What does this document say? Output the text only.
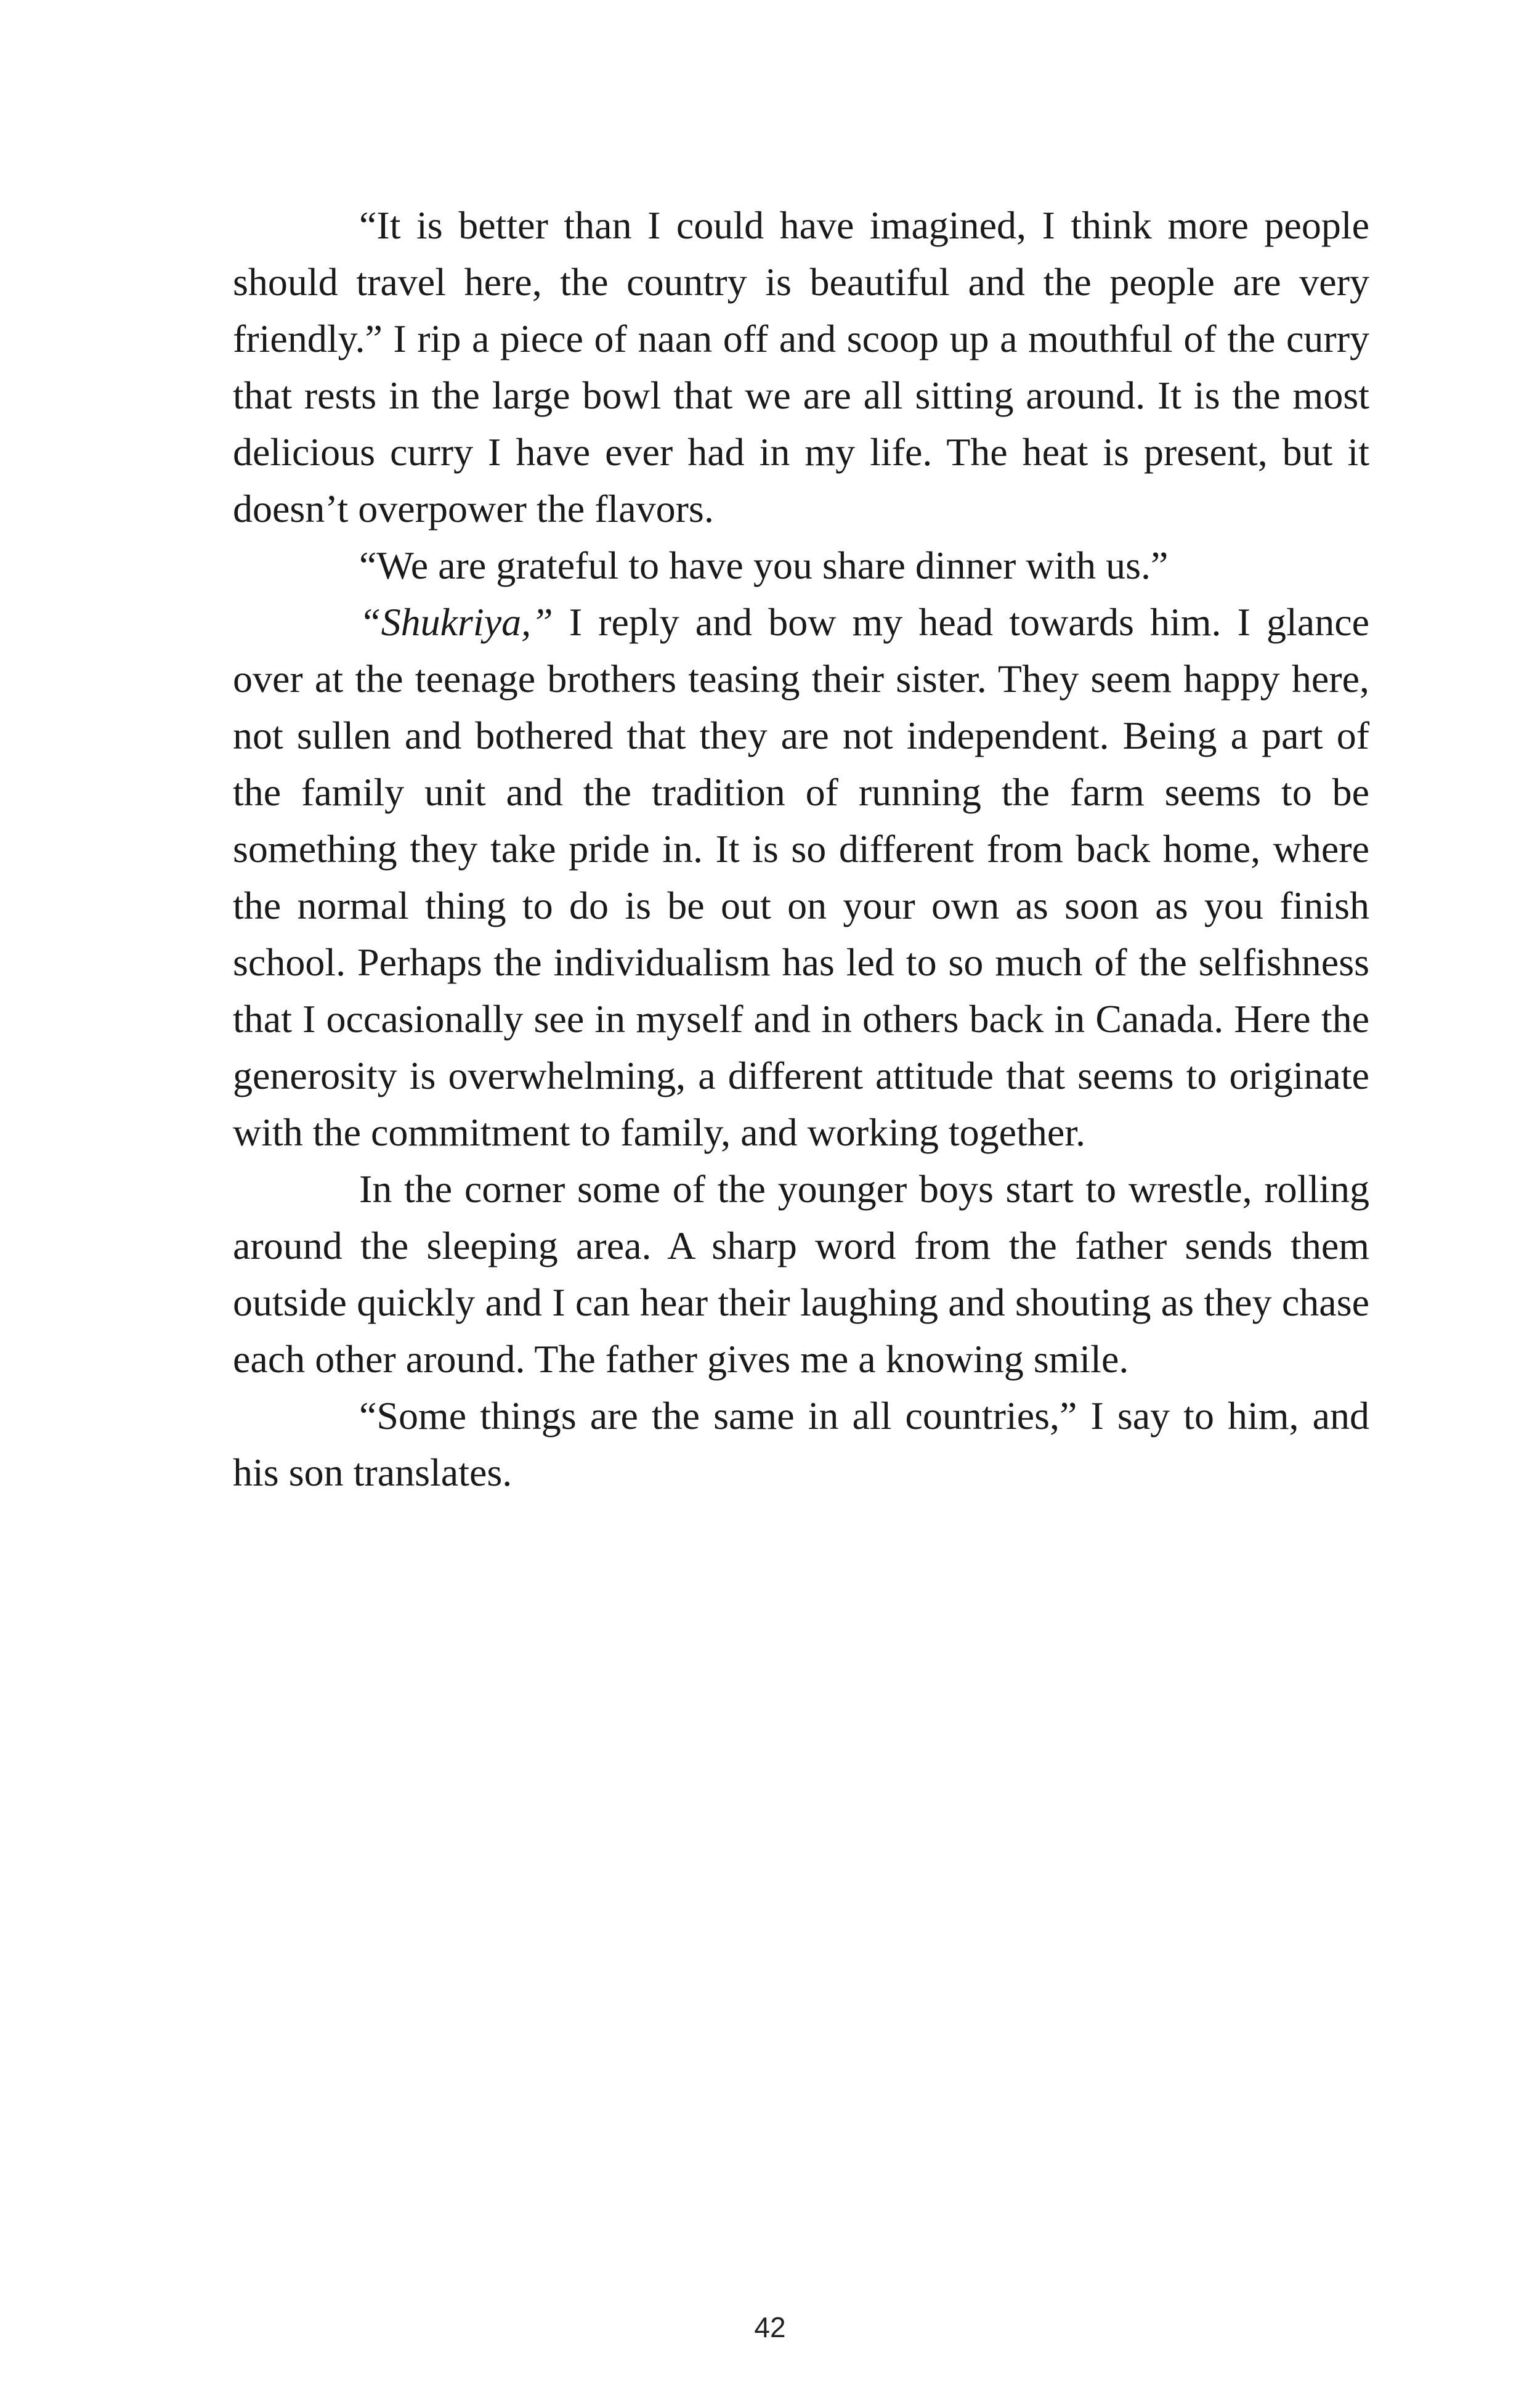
“It is better than I could have imagined, I think more people should travel here, the country is beautiful and the people are very friendly.” I rip a piece of naan off and scoop up a mouthful of the curry that rests in the large bowl that we are all sitting around. It is the most delicious curry I have ever had in my life. The heat is present, but it doesn’t overpower the flavors.

“We are grateful to have you share dinner with us.”

“Shukriya,” I reply and bow my head towards him. I glance over at the teenage brothers teasing their sister. They seem happy here, not sullen and bothered that they are not independent. Being a part of the family unit and the tradition of running the farm seems to be something they take pride in. It is so different from back home, where the normal thing to do is be out on your own as soon as you finish school. Perhaps the individualism has led to so much of the selfishness that I occasionally see in myself and in others back in Canada. Here the generosity is overwhelming, a different attitude that seems to originate with the commitment to family, and working together.

In the corner some of the younger boys start to wrestle, rolling around the sleeping area. A sharp word from the father sends them outside quickly and I can hear their laughing and shouting as they chase each other around. The father gives me a knowing smile.

“Some things are the same in all countries,” I say to him, and his son translates.

42
